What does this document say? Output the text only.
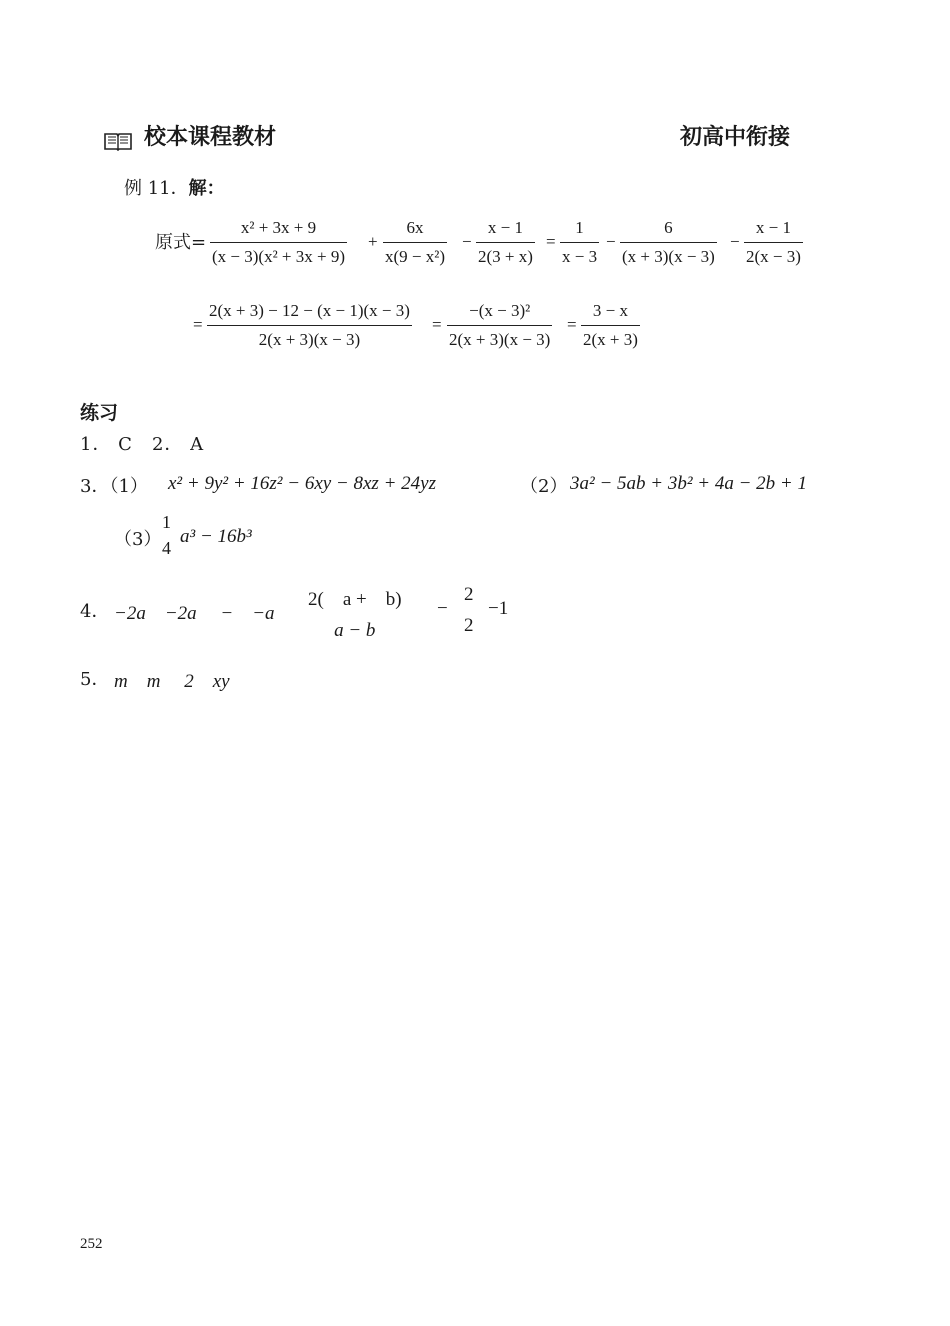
校本课程教材	初高中衔接
例 11．解：
原式= $\frac{\text{x² + 3x + 9}}{\text{(x − 3)(x² + 3x + 9)}} + \frac{6x}{\text{x(9 − x²)}} - \frac{x - 1}{2(3 + x)} = \frac{1}{x - 3} - \frac{6}{(x + 3)(x - 3)} - \frac{x - 1}{2(x - 3)}$
= $\frac{2(x + 3) - 12 - (x - 1)(x - 3)}{2(x + 3)(x - 3)} = \frac{\text{−(x − 3)²}}{2(x + 3)(x - 3)} = \frac{3 - x}{2(x + 3)}$
练习
1． C　2． A
3．（1） x² + 9y² + 16z² − 6xy − 8xz + 24yz	（2） 3a² − 5ab + 3b² + 4a − 2b + 1
（3）
$\frac{1}{4} a^3 - 16b^3$
4． −2a　−2a　 −　$-a \frac{2( a + b)}{a - b} - \frac{2}{2} -1$
5． m　m　 2　xy
252
